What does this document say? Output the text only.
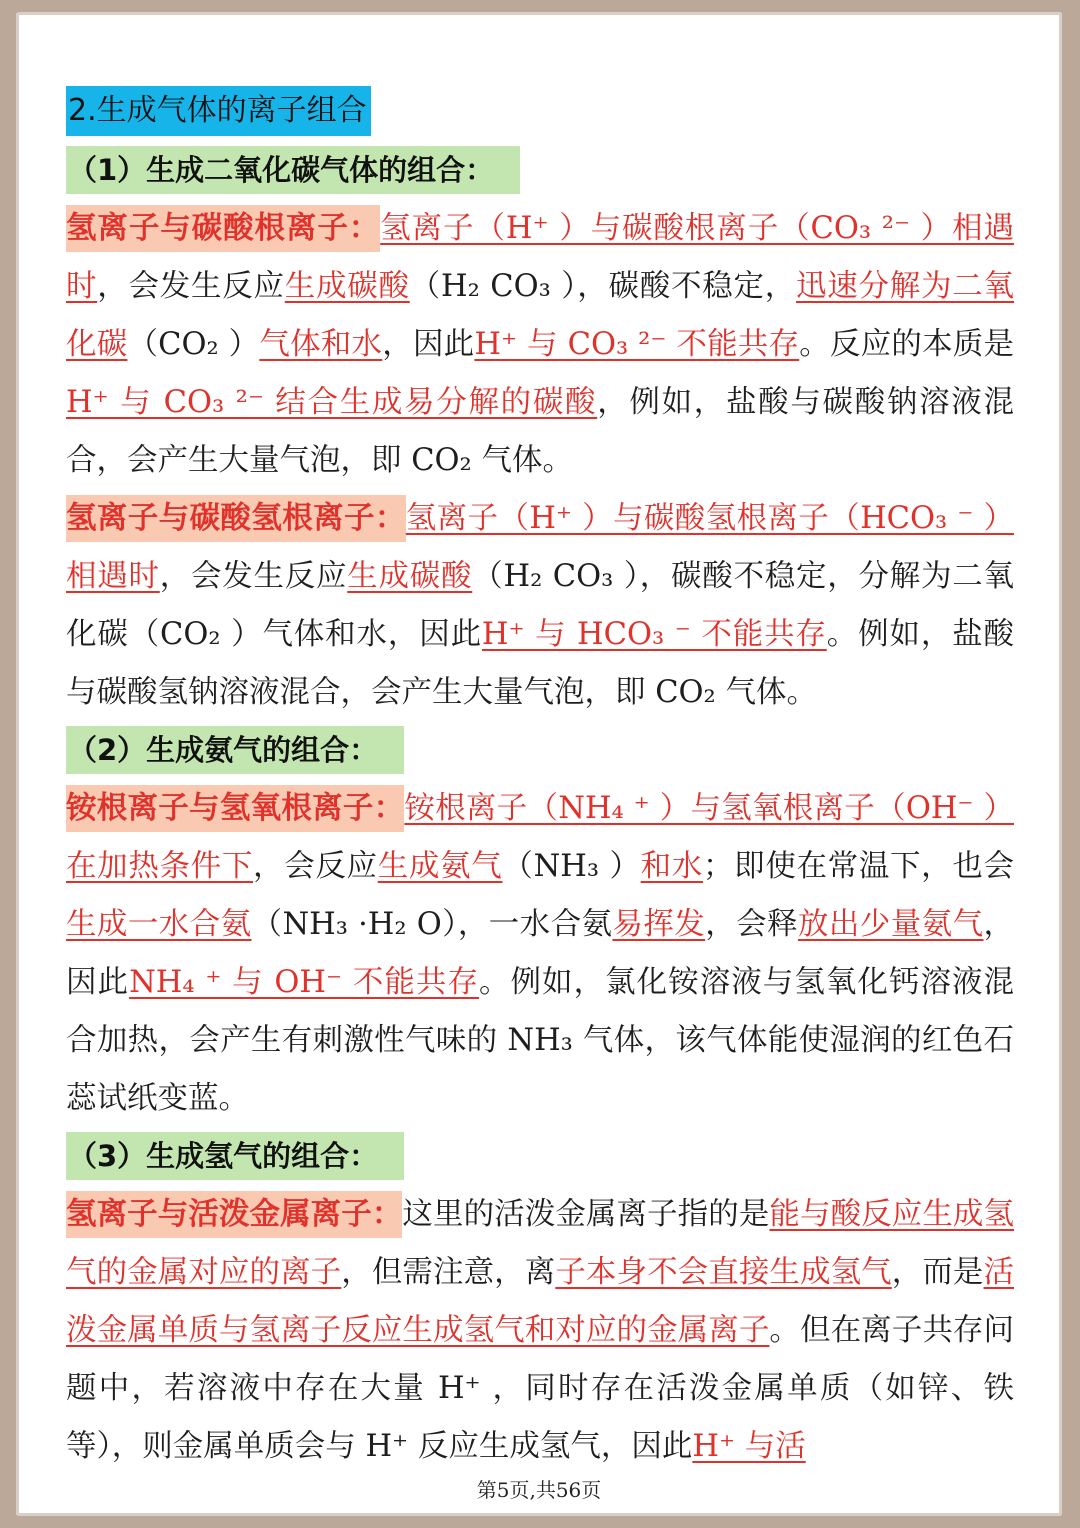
2.生成气体的离子组合
（1）生成二氧化碳气体的组合：

氢离子与碳酸根离子：氢离子（H⁺ ）与碳酸根离子（CO₃ ²⁻ ）相遇时，会发生反应生成碳酸（H₂ CO₃ ），碳酸不稳定，迅速分解为二氧化碳（CO₂ ）气体和水，因此H⁺ 与 CO₃ ²⁻ 不能共存。反应的本质是H⁺ 与 CO₃ ²⁻ 结合生成易分解的碳酸，例如，盐酸与碳酸钠溶液混合，会产生大量气泡，即 CO₂ 气体。

氢离子与碳酸氢根离子：氢离子（H⁺ ）与碳酸氢根离子（HCO₃ ⁻ ）相遇时，会发生反应生成碳酸（H₂ CO₃ ），碳酸不稳定，分解为二氧化碳（CO₂ ）气体和水，因此H⁺ 与 HCO₃ ⁻ 不能共存。例如，盐酸与碳酸氢钠溶液混合，会产生大量气泡，即 CO₂ 气体。

（2）生成氨气的组合：

铵根离子与氢氧根离子：铵根离子（NH₄ ⁺ ）与氢氧根离子（OH⁻ ）在加热条件下，会反应生成氨气（NH₃ ）和水；即使在常温下，也会生成一水合氨（NH₃ ·H₂ O），一水合氨易挥发，会释放出少量氨气，因此NH₄ ⁺ 与 OH⁻ 不能共存。例如，氯化铵溶液与氢氧化钙溶液混合加热，会产生有刺激性气味的 NH₃ 气体，该气体能使湿润的红色石蕊试纸变蓝。

（3）生成氢气的组合：

氢离子与活泼金属离子：这里的活泼金属离子指的是能与酸反应生成氢气的金属对应的离子，但需注意，离子本身不会直接生成氢气，而是活泼金属单质与氢离子反应生成氢气和对应的金属离子。但在离子共存问题中，若溶液中存在大量 H⁺ ，同时存在活泼金属单质（如锌、铁等），则金属单质会与 H⁺ 反应生成氢气，因此H⁺ 与活

第5页,共56页
